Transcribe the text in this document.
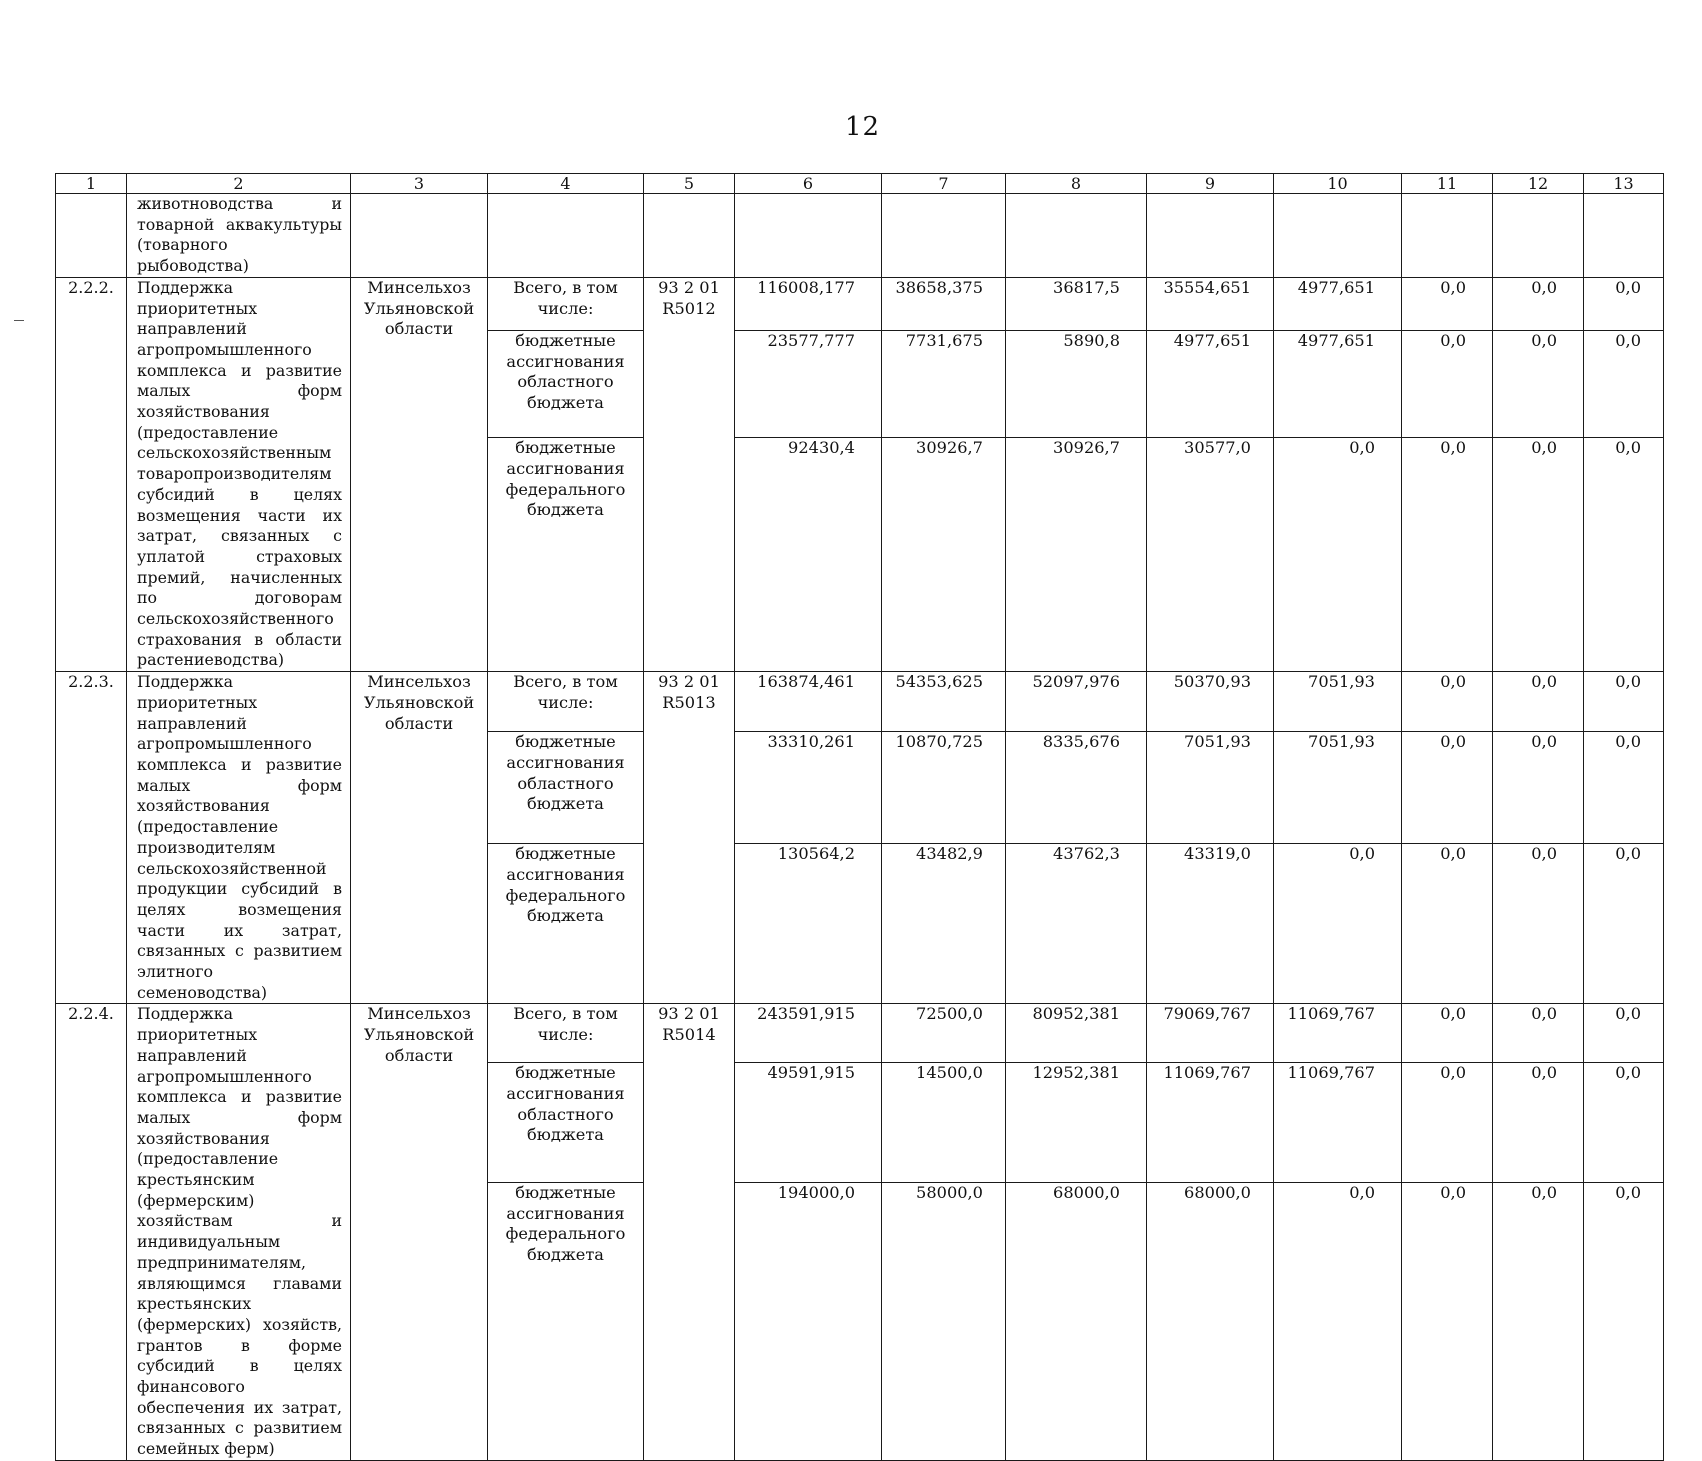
12
1	2	3	4	5	6	7	8	9	10	11	12	13
	животноводства и товарной аквакультуры (товарного рыбоводства)											
2.2.2.	Поддержка приоритетных направлений агропромышленного комплекса и развитие малых форм хозяйствования (предоставление сельскохозяйственным товаропроизводителям субсидий в целях возмещения части их затрат, связанных с уплатой страховых премий, начисленных по договорам сельскохозяйственного страхования в области растениеводства)	Минсельхоз Ульяновской области	Всего, в том числе:	93 2 01 R5012	116008,177	38658,375	36817,5	35554,651	4977,651	0,0	0,0	0,0
			бюджетные ассигнования областного бюджета		23577,777	7731,675	5890,8	4977,651	4977,651	0,0	0,0	0,0
			бюджетные ассигнования федерального бюджета		92430,4	30926,7	30926,7	30577,0	0,0	0,0	0,0	0,0
2.2.3.	Поддержка приоритетных направлений агропромышленного комплекса и развитие малых форм хозяйствования (предоставление производителям сельскохозяйственной продукции субсидий в целях возмещения части их затрат, связанных с развитием элитного семеноводства)	Минсельхоз Ульяновской области	Всего, в том числе:	93 2 01 R5013	163874,461	54353,625	52097,976	50370,93	7051,93	0,0	0,0	0,0
			бюджетные ассигнования областного бюджета		33310,261	10870,725	8335,676	7051,93	7051,93	0,0	0,0	0,0
			бюджетные ассигнования федерального бюджета		130564,2	43482,9	43762,3	43319,0	0,0	0,0	0,0	0,0
2.2.4.	Поддержка приоритетных направлений агропромышленного комплекса и развитие малых форм хозяйствования (предоставление крестьянским (фермерским) хозяйствам и индивидуальным предпринимателям, являющимся главами крестьянских (фермерских) хозяйств, грантов в форме субсидий в целях финансового обеспечения их затрат, связанных с развитием семейных ферм)	Минсельхоз Ульяновской области	Всего, в том числе:	93 2 01 R5014	243591,915	72500,0	80952,381	79069,767	11069,767	0,0	0,0	0,0
			бюджетные ассигнования областного бюджета		49591,915	14500,0	12952,381	11069,767	11069,767	0,0	0,0	0,0
			бюджетные ассигнования федерального бюджета		194000,0	58000,0	68000,0	68000,0	0,0	0,0	0,0	0,0
